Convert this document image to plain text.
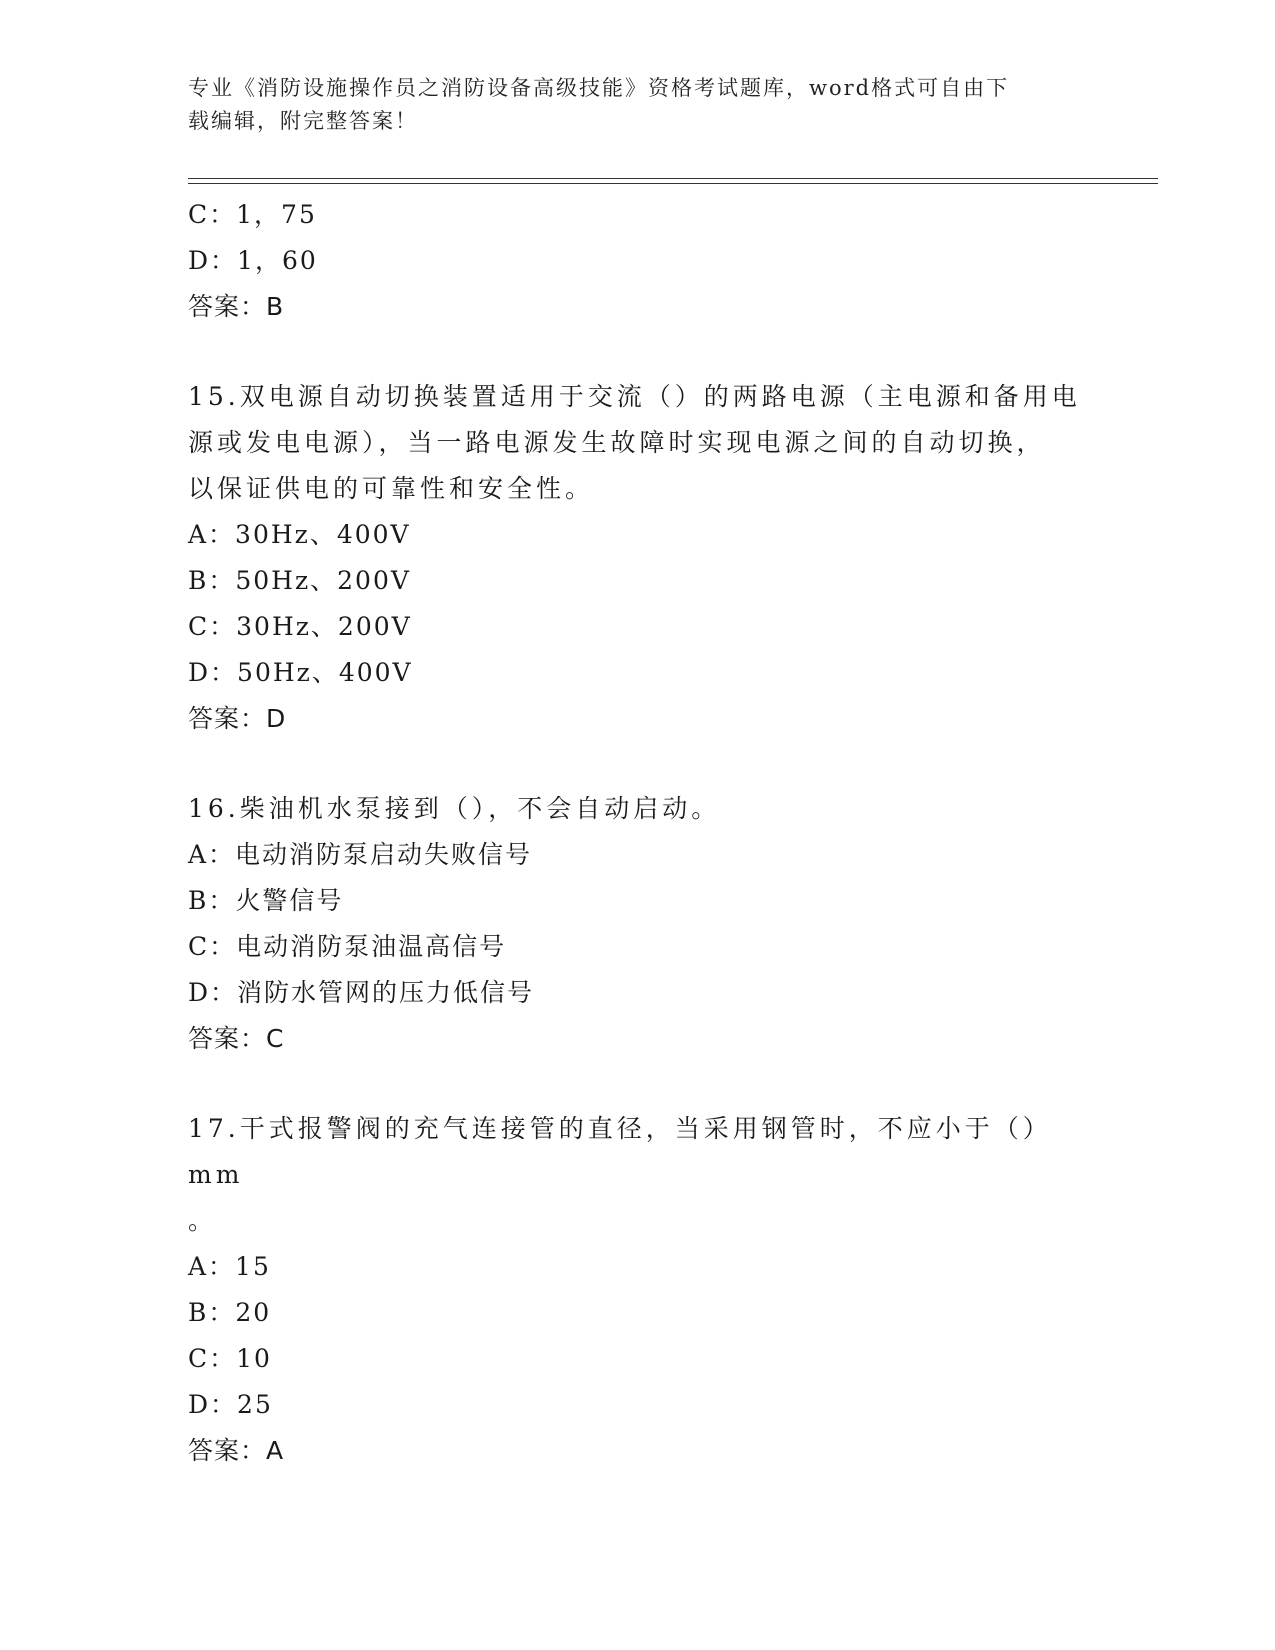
专业《消防设施操作员之消防设备高级技能》资格考试题库，word格式可自由下
载编辑，附完整答案！
C：1，75
D：1，60
答案：B
15.双电源自动切换装置适用于交流（）的两路电源（主电源和备用电
源或发电电源），当一路电源发生故障时实现电源之间的自动切换，
以保证供电的可靠性和安全性。
A：30Hz、400V
B：50Hz、200V
C：30Hz、200V
D：50Hz、400V
答案：D
16.柴油机水泵接到（），不会自动启动。
A：电动消防泵启动失败信号
B：火警信号
C：电动消防泵油温高信号
D：消防水管网的压力低信号
答案：C
17.干式报警阀的充气连接管的直径，当采用钢管时，不应小于（）mm
。
A：15
B：20
C：10
D：25
答案：A
